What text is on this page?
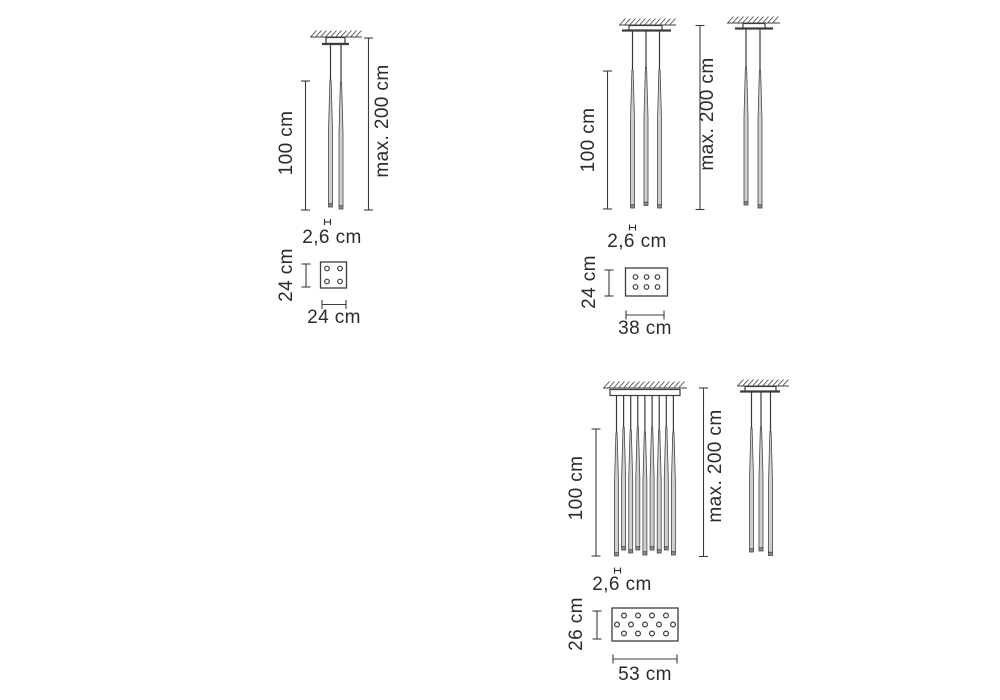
100 cm	max. 200 cm
2,6 cm
24 cm
24 cm
100 cm	max. 200 cm
2,6 cm
24 cm
38 cm
100 cm	max. 200 cm
2,6 cm
26 cm
53 cm
